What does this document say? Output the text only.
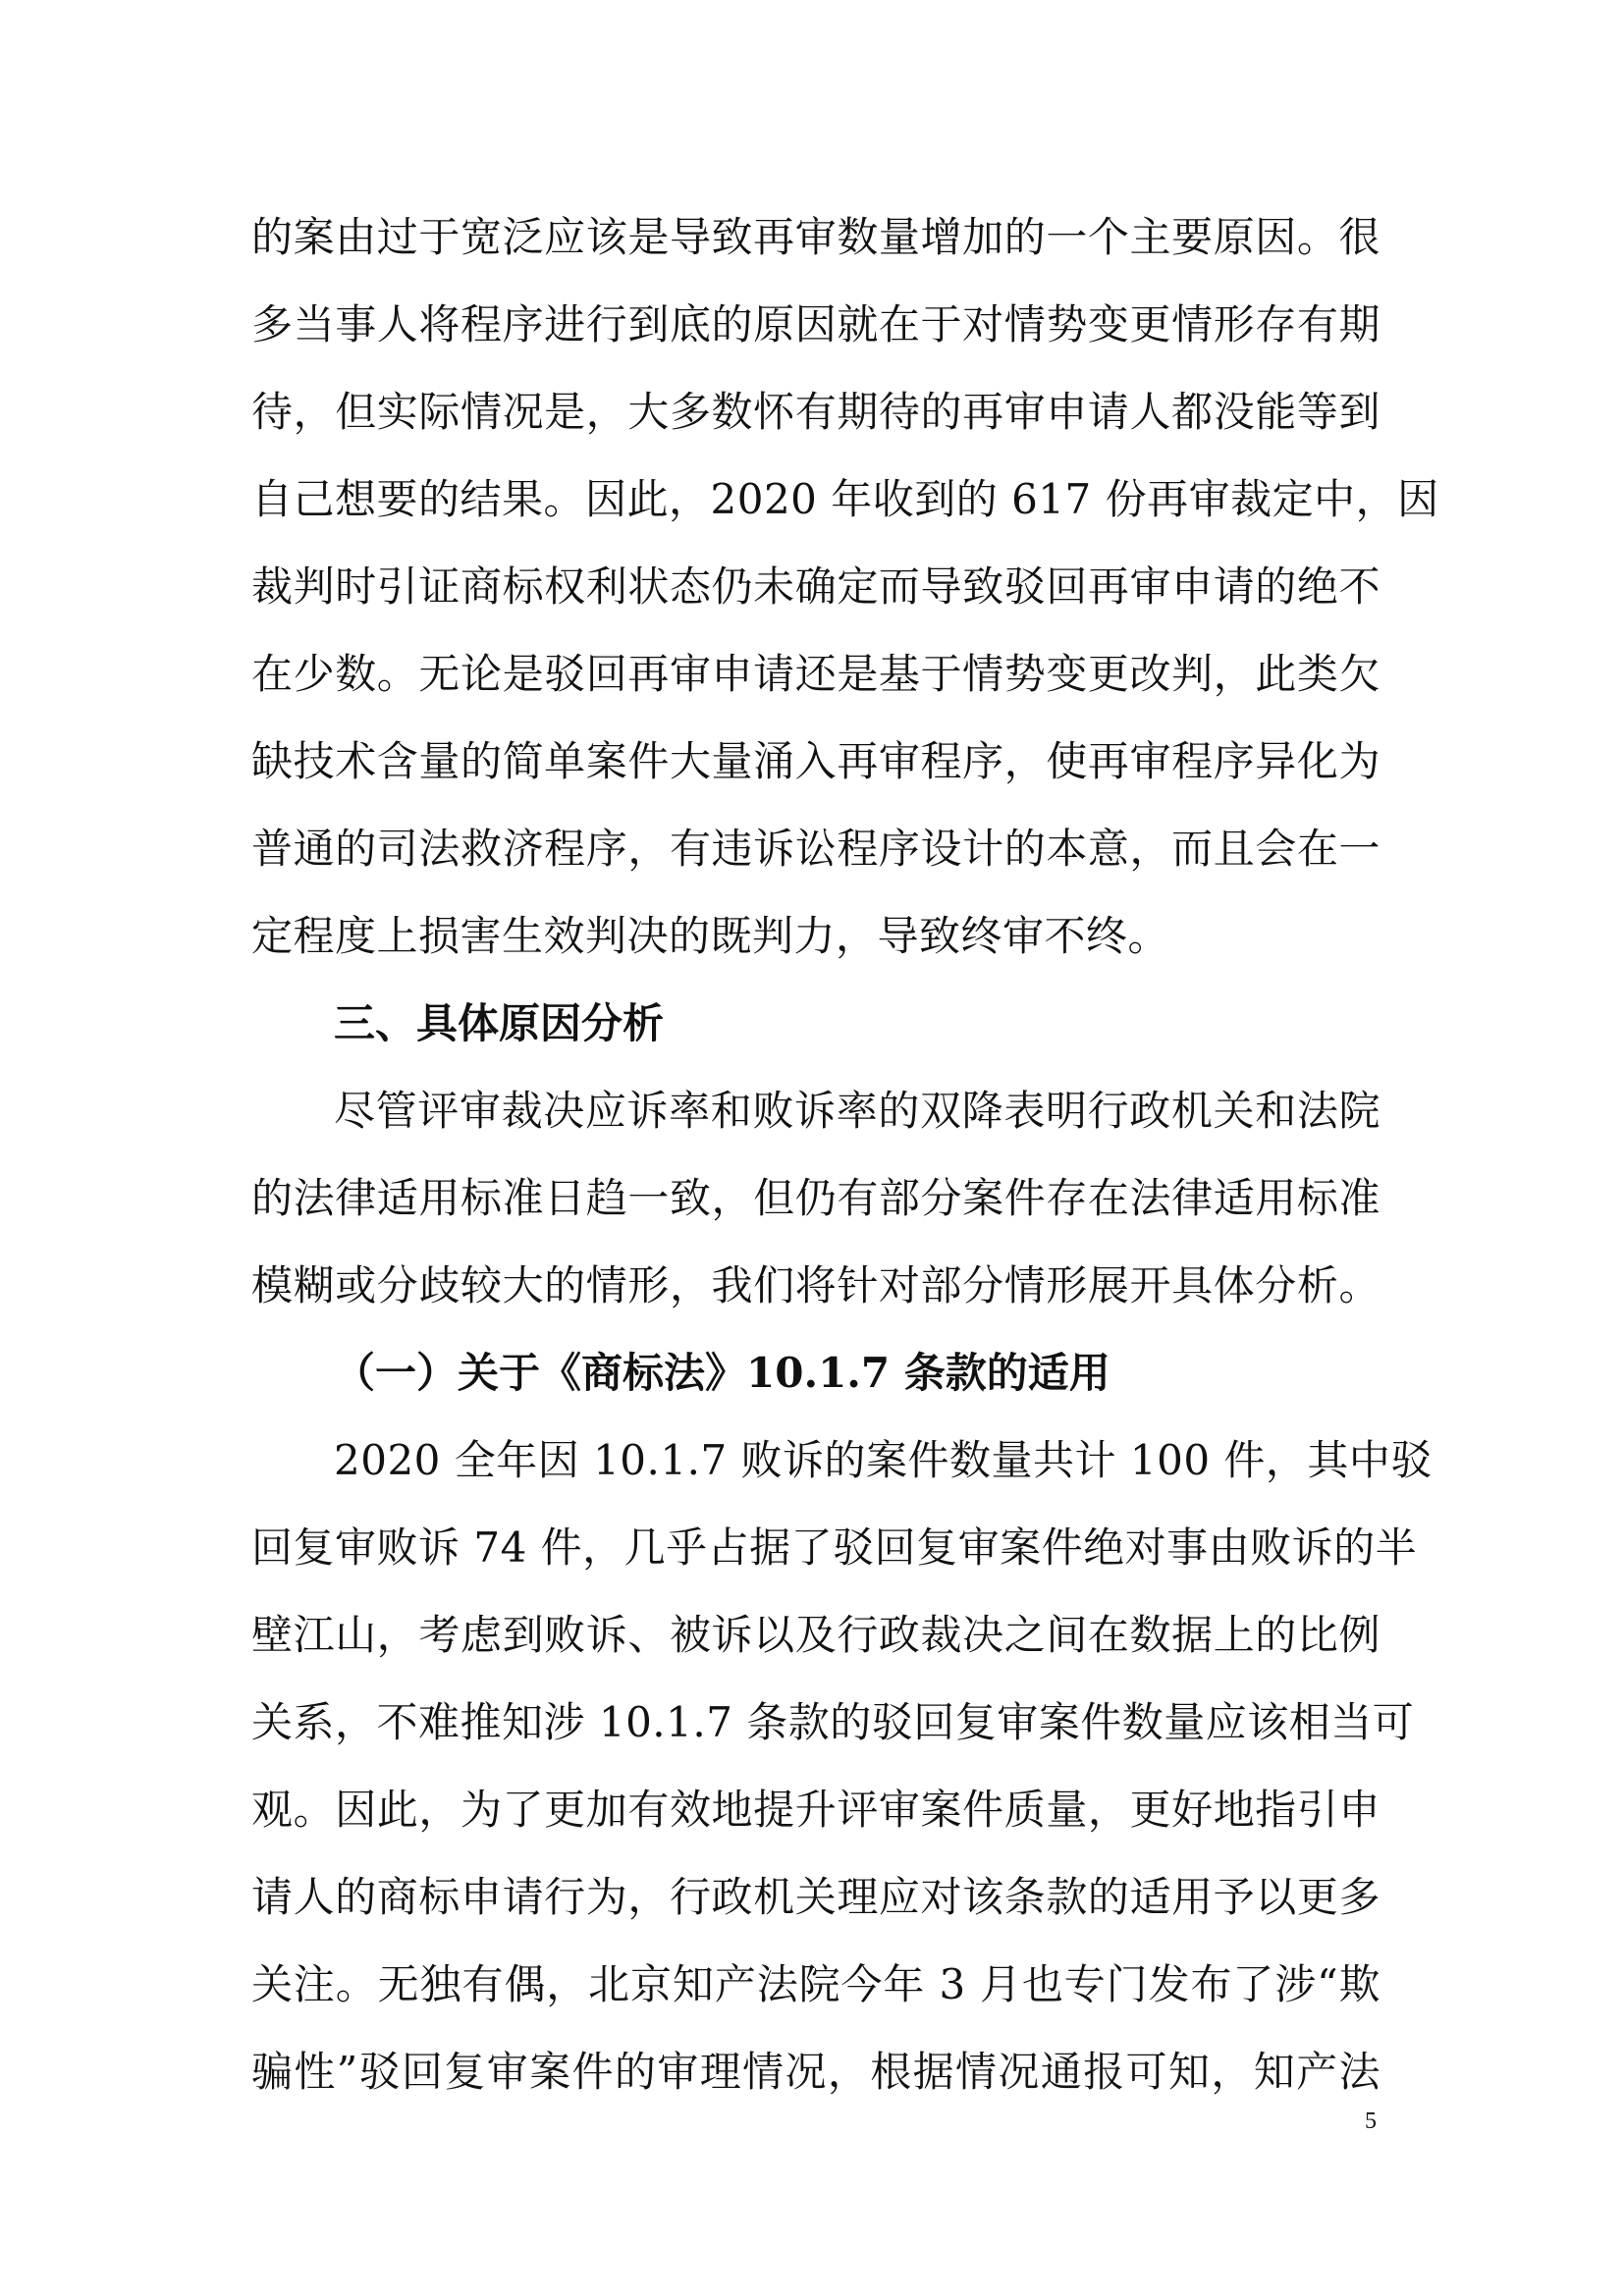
的案由过于宽泛应该是导致再审数量增加的一个主要原因。很
多当事人将程序进行到底的原因就在于对情势变更情形存有期
待，但实际情况是，大多数怀有期待的再审申请人都没能等到
自己想要的结果。因此，2020 年收到的 617 份再审裁定中，因
裁判时引证商标权利状态仍未确定而导致驳回再审申请的绝不
在少数。无论是驳回再审申请还是基于情势变更改判，此类欠
缺技术含量的简单案件大量涌入再审程序，使再审程序异化为
普通的司法救济程序，有违诉讼程序设计的本意，而且会在一
定程度上损害生效判决的既判力，导致终审不终。
三、具体原因分析
尽管评审裁决应诉率和败诉率的双降表明行政机关和法院
的法律适用标准日趋一致，但仍有部分案件存在法律适用标准
模糊或分歧较大的情形，我们将针对部分情形展开具体分析。
（一）关于《商标法》10.1.7 条款的适用
2020 全年因 10.1.7 败诉的案件数量共计 100 件，其中驳
回复审败诉 74 件，几乎占据了驳回复审案件绝对事由败诉的半
壁江山，考虑到败诉、被诉以及行政裁决之间在数据上的比例
关系，不难推知涉 10.1.7 条款的驳回复审案件数量应该相当可
观。因此，为了更加有效地提升评审案件质量，更好地指引申
请人的商标申请行为，行政机关理应对该条款的适用予以更多
关注。无独有偶，北京知产法院今年 3 月也专门发布了涉“欺
骗性”驳回复审案件的审理情况，根据情况通报可知，知产法
5
